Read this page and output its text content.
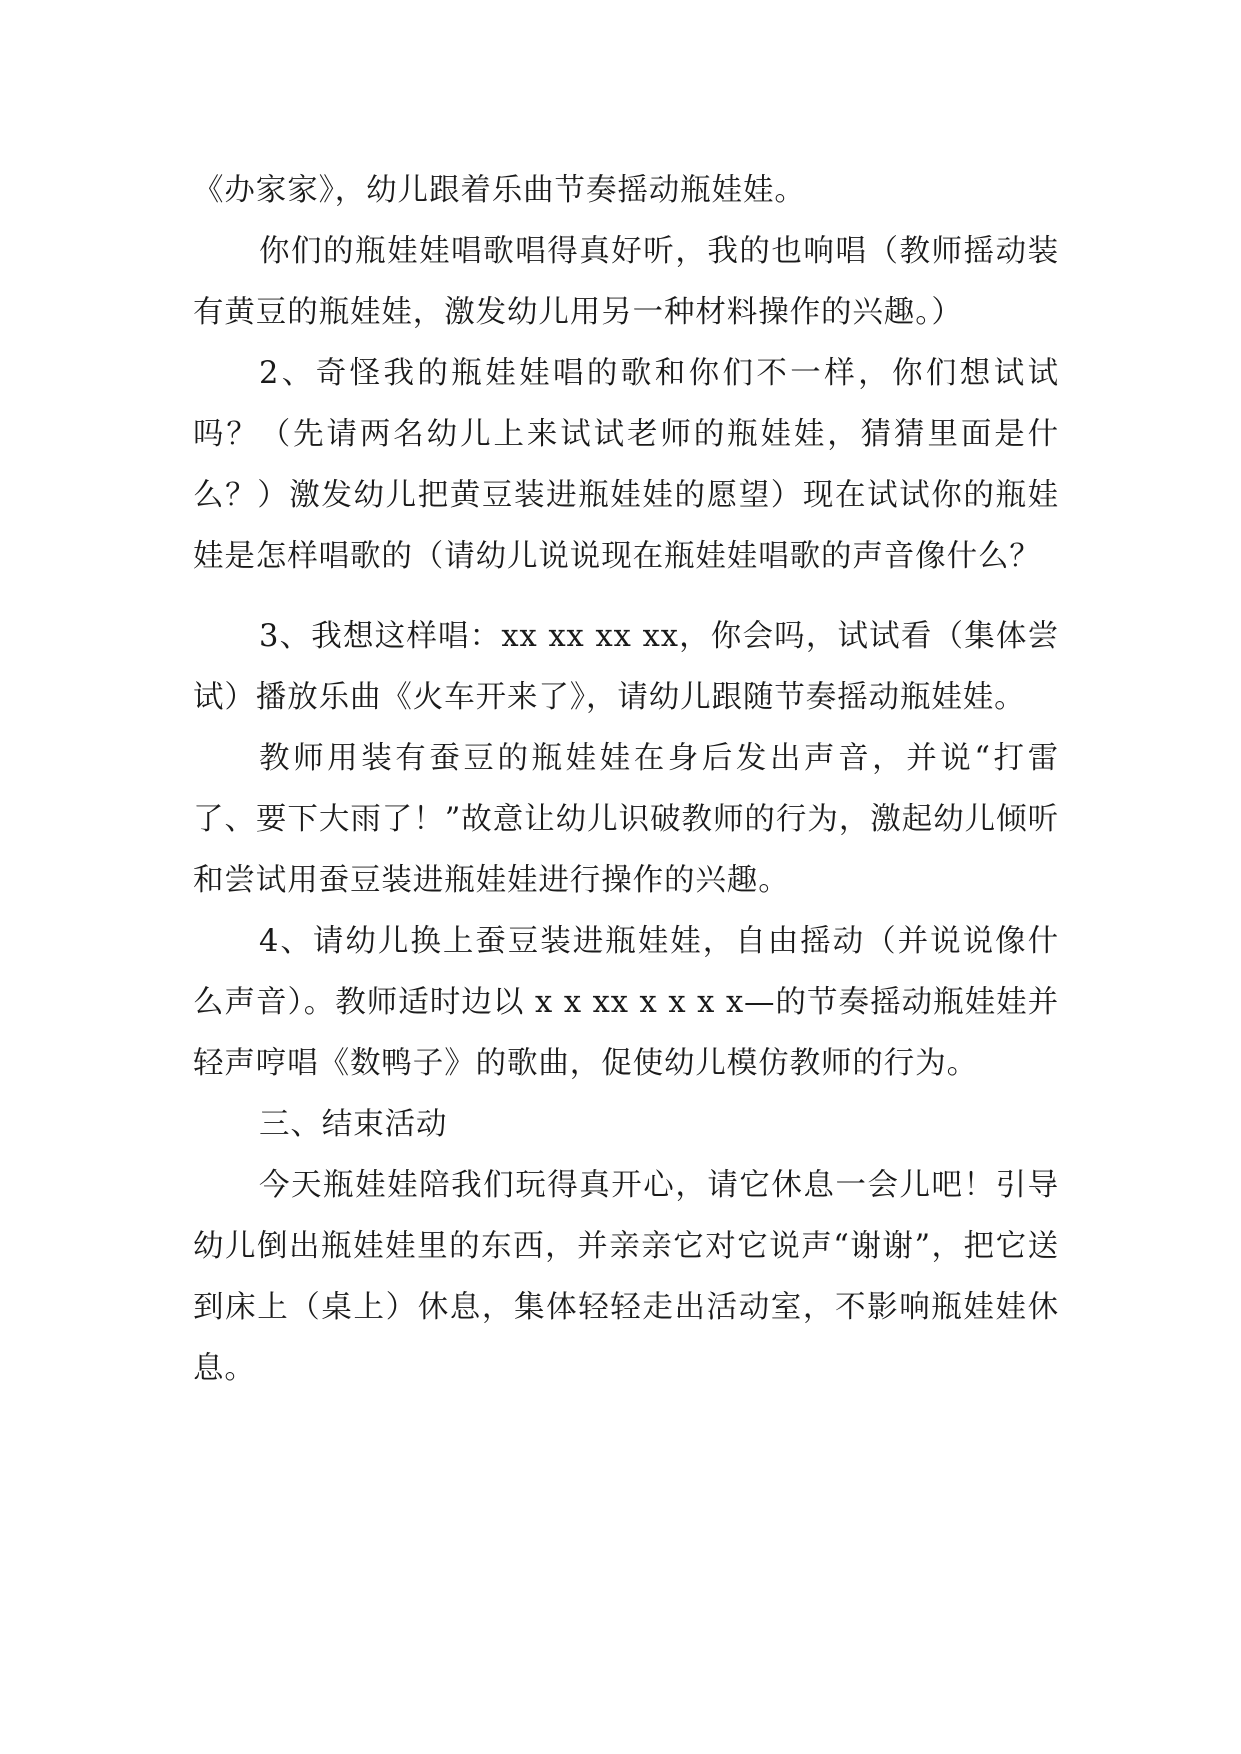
《办家家》，幼儿跟着乐曲节奏摇动瓶娃娃。

你们的瓶娃娃唱歌唱得真好听，我的也响唱（教师摇动装有黄豆的瓶娃娃，激发幼儿用另一种材料操作的兴趣。）

2、奇怪我的瓶娃娃唱的歌和你们不一样，你们想试试吗？（先请两名幼儿上来试试老师的瓶娃娃，猜猜里面是什么？）激发幼儿把黄豆装进瓶娃娃的愿望）现在试试你的瓶娃娃是怎样唱歌的（请幼儿说说现在瓶娃娃唱歌的声音像什么？

3、我想这样唱：xx xx xx xx，你会吗，试试看（集体尝试）播放乐曲《火车开来了》，请幼儿跟随节奏摇动瓶娃娃。

教师用装有蚕豆的瓶娃娃在身后发出声音，并说“打雷了、要下大雨了！”故意让幼儿识破教师的行为，激起幼儿倾听和尝试用蚕豆装进瓶娃娃进行操作的兴趣。

4、请幼儿换上蚕豆装进瓶娃娃，自由摇动（并说说像什么声音）。教师适时边以 x x xx x x x x—的节奏摇动瓶娃娃并轻声哼唱《数鸭子》的歌曲，促使幼儿模仿教师的行为。

三、结束活动

今天瓶娃娃陪我们玩得真开心，请它休息一会儿吧！引导幼儿倒出瓶娃娃里的东西，并亲亲它对它说声“谢谢”，把它送到床上（桌上）休息，集体轻轻走出活动室，不影响瓶娃娃休息。
